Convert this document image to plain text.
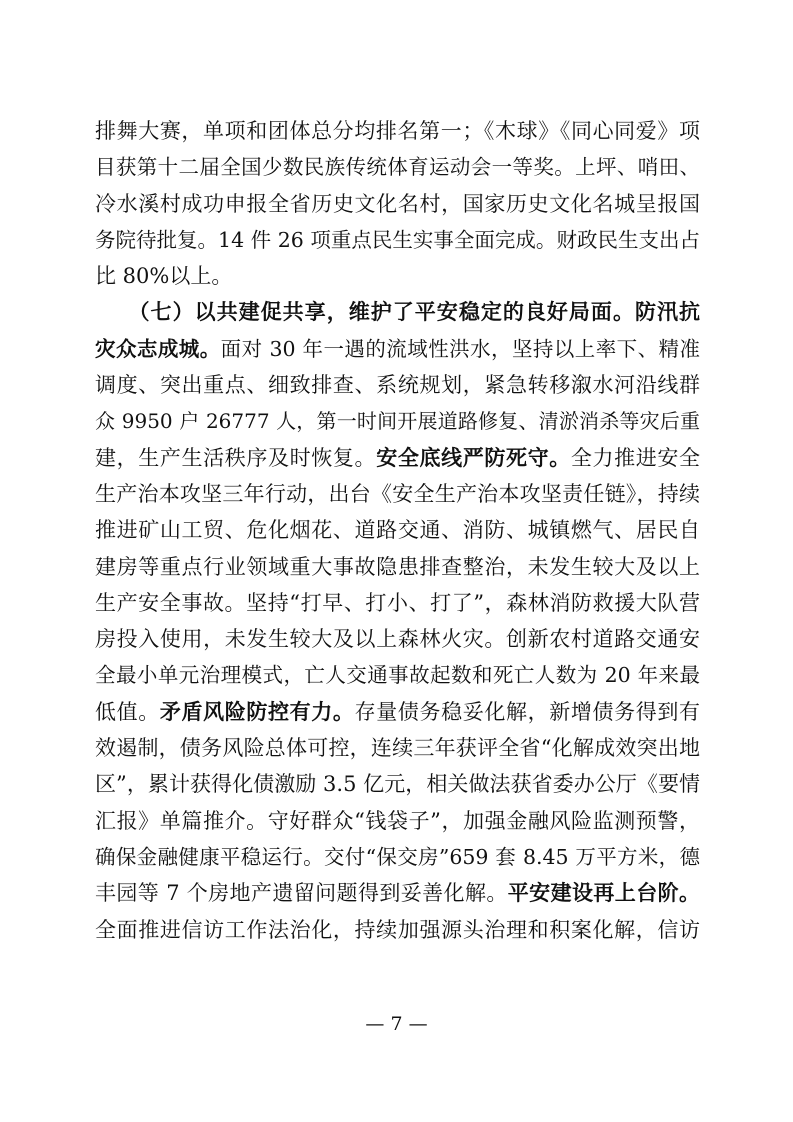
排舞大赛，单项和团体总分均排名第一；《木球》《同心同爱》项
目获第十二届全国少数民族传统体育运动会一等奖。上坪、哨田、
冷水溪村成功申报全省历史文化名村，国家历史文化名城呈报国
务院待批复。14 件 26 项重点民生实事全面完成。财政民生支出占
比 80%以上。
　　（七）以共建促共享，维护了平安稳定的良好局面。防汛抗
灾众志成城。面对 30 年一遇的流域性洪水，坚持以上率下、精准
调度、突出重点、细致排查、系统规划，紧急转移溆水河沿线群
众 9950 户 26777 人，第一时间开展道路修复、清淤消杀等灾后重
建，生产生活秩序及时恢复。安全底线严防死守。全力推进安全
生产治本攻坚三年行动，出台《安全生产治本攻坚责任链》，持续
推进矿山工贸、危化烟花、道路交通、消防、城镇燃气、居民自
建房等重点行业领域重大事故隐患排查整治，未发生较大及以上
生产安全事故。坚持“打早、打小、打了”，森林消防救援大队营
房投入使用，未发生较大及以上森林火灾。创新农村道路交通安
全最小单元治理模式，亡人交通事故起数和死亡人数为 20 年来最
低值。矛盾风险防控有力。存量债务稳妥化解，新增债务得到有
效遏制，债务风险总体可控，连续三年获评全省“化解成效突出地
区”，累计获得化债激励 3.5 亿元，相关做法获省委办公厅《要情
汇报》单篇推介。守好群众“钱袋子”，加强金融风险监测预警，
确保金融健康平稳运行。交付“保交房”659 套 8.45 万平方米，德
丰园等 7 个房地产遗留问题得到妥善化解。平安建设再上台阶。
全面推进信访工作法治化，持续加强源头治理和积案化解，信访
— 7 —
